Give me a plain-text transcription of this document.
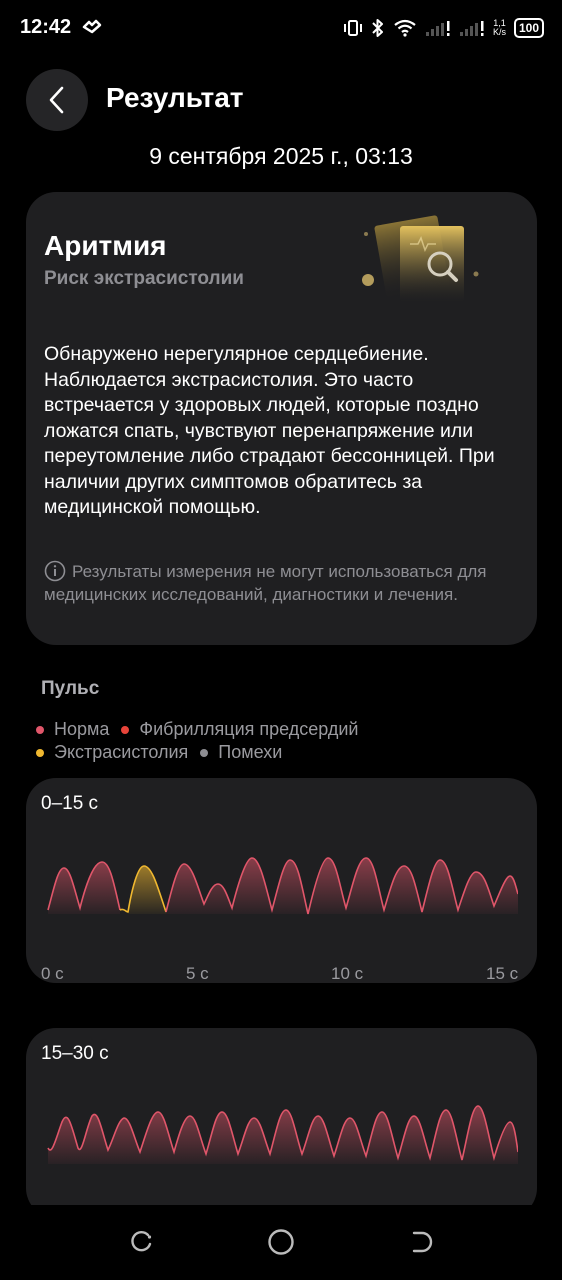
12:42	1,1
K/s	100
Результат
9 сентября 2025 г., 03:13
Аритмия
Риск экстрасистолии
Обнаружено нерегулярное сердцебиение. Наблюдается экстрасистолия. Это часто встречается у здоровых людей, которые поздно ложатся спать, чувствуют перенапряжение или переутомление либо страдают бессонницей. При наличии других симптомов обратитесь за медицинской помощью.
Результаты измерения не могут использоваться для медицинских исследований, диагностики и лечения.
Пульс
Норма Фибрилляция предсердий
Экстрасистолия Помехи
0–15 с
0 с	5 с	10 с	15 с
15–30 с
